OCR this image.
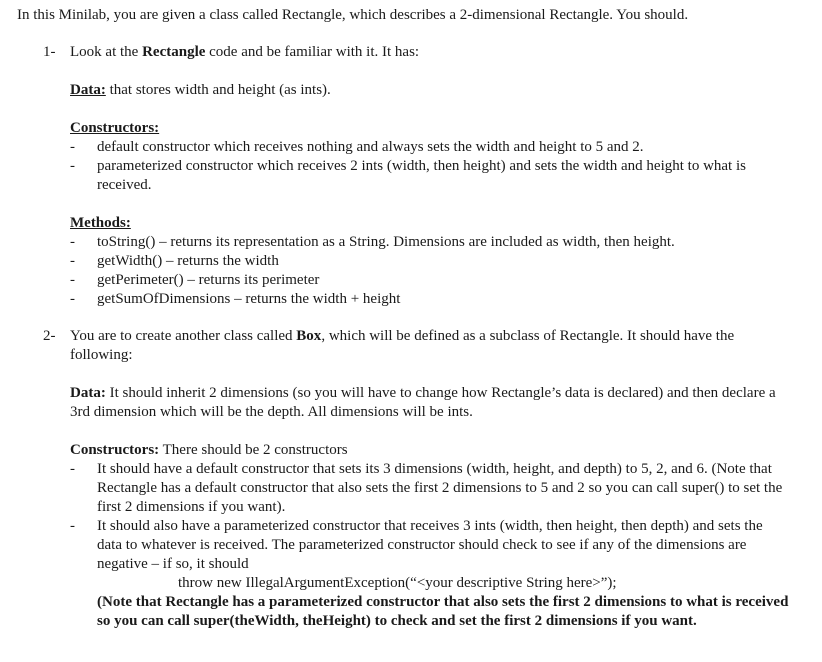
In this Minilab, you are given a class called Rectangle, which describes a 2-dimensional Rectangle. You should.

1- Look at the Rectangle code and be familiar with it. It has:

Data: that stores width and height (as ints).

Constructors:

- default constructor which receives nothing and always sets the width and height to 5 and 2.
- parameterized constructor which receives 2 ints (width, then height) and sets the width and height to what is received.

Methods:

- toString() – returns its representation as a String. Dimensions are included as width, then height.
- getWidth() – returns the width
- getPerimeter() – returns its perimeter
- getSumOfDimensions – returns the width + height
2- You are to create another class called Box, which will be defined as a subclass of Rectangle. It should have the following:

Data: It should inherit 2 dimensions (so you will have to change how Rectangle’s data is declared) and then declare a 3rd dimension which will be the depth. All dimensions will be ints.

Constructors: There should be 2 constructors

- It should have a default constructor that sets its 3 dimensions (width, height, and depth) to 5, 2, and 6. (Note that Rectangle has a default constructor that also sets the first 2 dimensions to 5 and 2 so you can call super() to set the first 2 dimensions if you want).
- It should also have a parameterized constructor that receives 3 ints (width, then height, then depth) and sets the data to whatever is received. The parameterized constructor should check to see if any of the dimensions are negative – if so, it should
throw new IllegalArgumentException(“<your descriptive String here>”);
(Note that Rectangle has a parameterized constructor that also sets the first 2 dimensions to what is received so you can call super(theWidth, theHeight) to check and set the first 2 dimensions if you want.
